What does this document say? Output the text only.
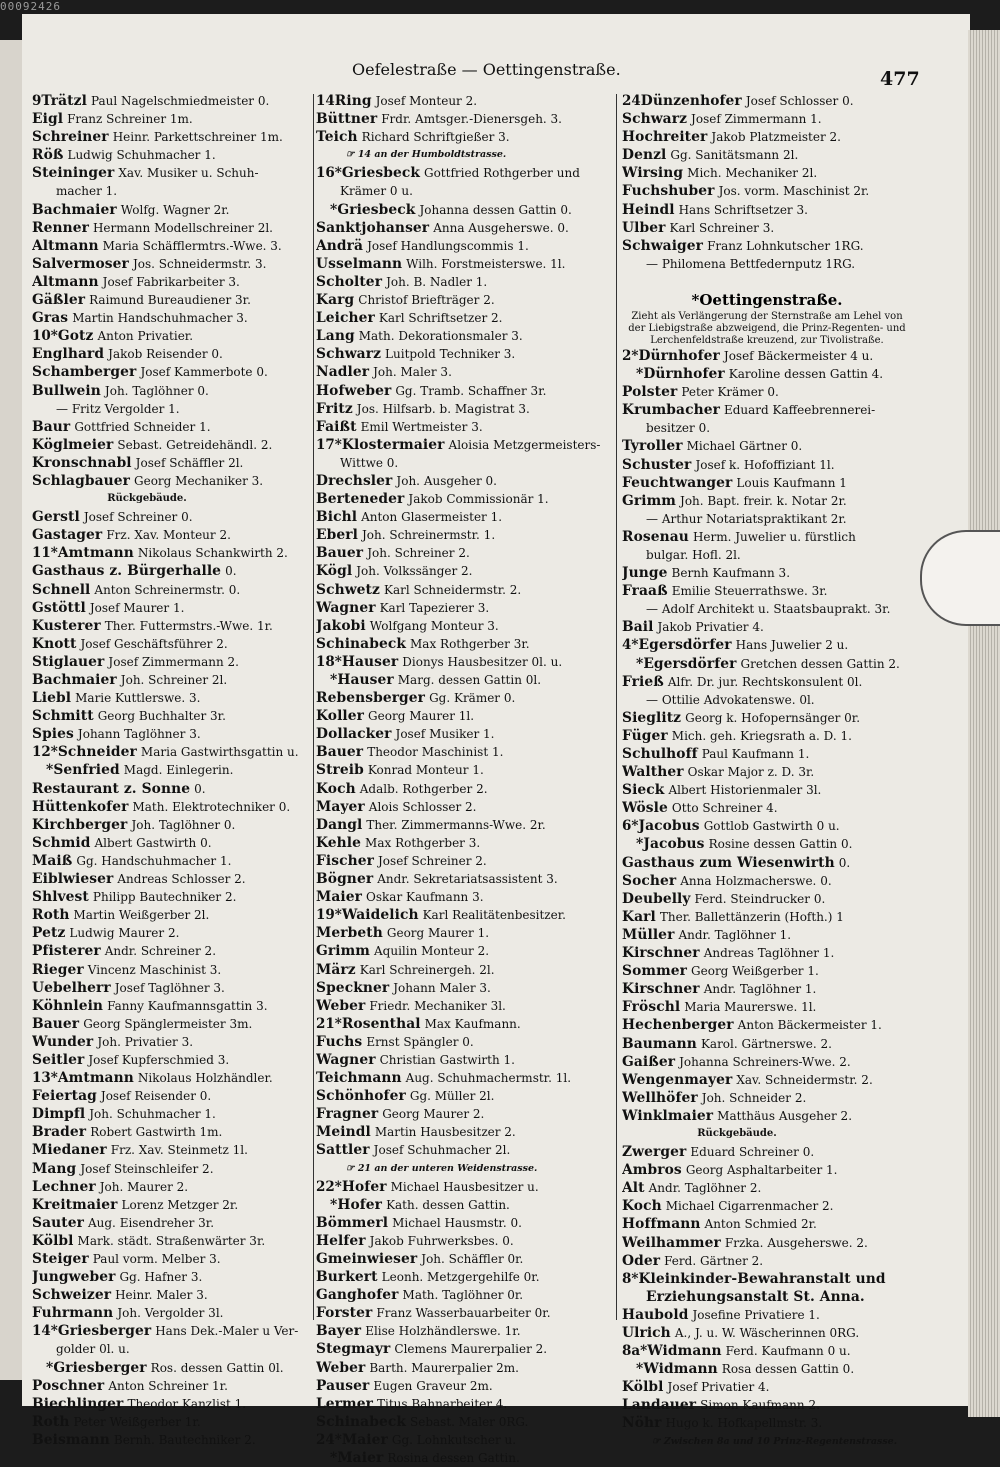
00092426
Oefelestraße — Oettingenstraße.	477
9Trätzl Paul Nagelschmiedmeister 0.
Eigl Franz Schreiner 1m.
Schreiner Heinr. Parkettschreiner 1m.
Röß Ludwig Schuhmacher 1.
Steininger Xav. Musiker u. Schuh-
macher 1.
Bachmaier Wolfg. Wagner 2r.
Renner Hermann Modellschreiner 2l.
Altmann Maria Schäfflermtrs.-Wwe. 3.
Salvermoser Jos. Schneidermstr. 3.
Altmann Josef Fabrikarbeiter 3.
Gäßler Raimund Bureaudiener 3r.
Gras Martin Handschuhmacher 3.
10*Gotz Anton Privatier.
Englhard Jakob Reisender 0.
Schamberger Josef Kammerbote 0.
Bullwein Joh. Taglöhner 0.
— Fritz Vergolder 1.
Baur Gottfried Schneider 1.
Köglmeier Sebast. Getreidehändl. 2.
Kronschnabl Josef Schäffler 2l.
Schlagbauer Georg Mechaniker 3.
Rückgebäude.
Gerstl Josef Schreiner 0.
Gastager Frz. Xav. Monteur 2.
11*Amtmann Nikolaus Schankwirth 2.
Gasthaus z. Bürgerhalle 0.
Schnell Anton Schreinermstr. 0.
Gstöttl Josef Maurer 1.
Kusterer Ther. Futtermstrs.-Wwe. 1r.
Knott Josef Geschäftsführer 2.
Stiglauer Josef Zimmermann 2.
Bachmaier Joh. Schreiner 2l.
Liebl Marie Kuttlerswe. 3.
Schmitt Georg Buchhalter 3r.
Spies Johann Taglöhner 3.
12*Schneider Maria Gastwirthsgattin u.
*Senfried Magd. Einlegerin.
Restaurant z. Sonne 0.
Hüttenkofer Math. Elektrotechniker 0.
Kirchberger Joh. Taglöhner 0.
Schmid Albert Gastwirth 0.
Maiß Gg. Handschuhmacher 1.
Eiblwieser Andreas Schlosser 2.
Shlvest Philipp Bautechniker 2.
Roth Martin Weißgerber 2l.
Petz Ludwig Maurer 2.
Pfisterer Andr. Schreiner 2.
Rieger Vincenz Maschinist 3.
Uebelherr Josef Taglöhner 3.
Köhnlein Fanny Kaufmannsgattin 3.
Bauer Georg Spänglermeister 3m.
Wunder Joh. Privatier 3.
Seitler Josef Kupferschmied 3.
13*Amtmann Nikolaus Holzhändler.
Feiertag Josef Reisender 0.
Dimpfl Joh. Schuhmacher 1.
Brader Robert Gastwirth 1m.
Miedaner Frz. Xav. Steinmetz 1l.
Mang Josef Steinschleifer 2.
Lechner Joh. Maurer 2.
Kreitmaier Lorenz Metzger 2r.
Sauter Aug. Eisendreher 3r.
Kölbl Mark. städt. Straßenwärter 3r.
Steiger Paul vorm. Melber 3.
Jungweber Gg. Hafner 3.
Schweizer Heinr. Maler 3.
Fuhrmann Joh. Vergolder 3l.
14*Griesberger Hans Dek.-Maler u Ver-
golder 0l. u.
*Griesberger Ros. dessen Gattin 0l.
Poschner Anton Schreiner 1r.
Biechlinger Theodor Kanzlist 1.
Roth Peter Weißgerber 1r.
Beismann Bernh. Bautechniker 2.
14Ring Josef Monteur 2.
Büttner Frdr. Amtsger.-Dienersgeh. 3.
Teich Richard Schriftgießer 3.
☞ 14 an der Humboldtstrasse.
16*Griesbeck Gottfried Rothgerber und
Krämer 0 u.
*Griesbeck Johanna dessen Gattin 0.
Sanktjohanser Anna Ausgeherswe. 0.
Andrä Josef Handlungscommis 1.
Usselmann Wilh. Forstmeisterswe. 1l.
Scholter Joh. B. Nadler 1.
Karg Christof Briefträger 2.
Leicher Karl Schriftsetzer 2.
Lang Math. Dekorationsmaler 3.
Schwarz Luitpold Techniker 3.
Nadler Joh. Maler 3.
Hofweber Gg. Tramb. Schaffner 3r.
Fritz Jos. Hilfsarb. b. Magistrat 3.
Faißt Emil Wertmeister 3.
17*Klostermaier Aloisia Metzgermeisters-
Wittwe 0.
Drechsler Joh. Ausgeher 0.
Berteneder Jakob Commissionär 1.
Bichl Anton Glasermeister 1.
Eberl Joh. Schreinermstr. 1.
Bauer Joh. Schreiner 2.
Kögl Joh. Volkssänger 2.
Schwetz Karl Schneidermstr. 2.
Wagner Karl Tapezierer 3.
Jakobi Wolfgang Monteur 3.
Schinabeck Max Rothgerber 3r.
18*Hauser Dionys Hausbesitzer 0l. u.
*Hauser Marg. dessen Gattin 0l.
Rebensberger Gg. Krämer 0.
Koller Georg Maurer 1l.
Dollacker Josef Musiker 1.
Bauer Theodor Maschinist 1.
Streib Konrad Monteur 1.
Koch Adalb. Rothgerber 2.
Mayer Alois Schlosser 2.
Dangl Ther. Zimmermanns-Wwe. 2r.
Kehle Max Rothgerber 3.
Fischer Josef Schreiner 2.
Bögner Andr. Sekretariatsassistent 3.
Maier Oskar Kaufmann 3.
19*Waidelich Karl Realitätenbesitzer.
Merbeth Georg Maurer 1.
Grimm Aquilin Monteur 2.
März Karl Schreinergeh. 2l.
Speckner Johann Maler 3.
Weber Friedr. Mechaniker 3l.
21*Rosenthal Max Kaufmann.
Fuchs Ernst Spängler 0.
Wagner Christian Gastwirth 1.
Teichmann Aug. Schuhmachermstr. 1l.
Schönhofer Gg. Müller 2l.
Fragner Georg Maurer 2.
Meindl Martin Hausbesitzer 2.
Sattler Josef Schuhmacher 2l.
☞ 21 an der unteren Weidenstrasse.
22*Hofer Michael Hausbesitzer u.
*Hofer Kath. dessen Gattin.
Bömmerl Michael Hausmstr. 0.
Helfer Jakob Fuhrwerksbes. 0.
Gmeinwieser Joh. Schäffler 0r.
Burkert Leonh. Metzgergehilfe 0r.
Ganghofer Math. Taglöhner 0r.
Forster Franz Wasserbauarbeiter 0r.
Bayer Elise Holzhändlerswe. 1r.
Stegmayr Clemens Maurerpalier 2.
Weber Barth. Maurerpalier 2m.
Pauser Eugen Graveur 2m.
Lermer Titus Bahnarbeiter 4.
Schinabeck Sebast. Maler 0RG.
24*Maier Gg. Lohnkutscher u.
*Maier Rosina dessen Gattin.
24Dünzenhofer Josef Schlosser 0.
Schwarz Josef Zimmermann 1.
Hochreiter Jakob Platzmeister 2.
Denzl Gg. Sanitätsmann 2l.
Wirsing Mich. Mechaniker 2l.
Fuchshuber Jos. vorm. Maschinist 2r.
Heindl Hans Schriftsetzer 3.
Ulber Karl Schreiner 3.
Schwaiger Franz Lohnkutscher 1RG.
— Philomena Bettfedernputz 1RG.
*Oettingenstraße.
Zieht als Verlängerung der Sternstraße am Lehel von der Liebigstraße abzweigend, die Prinz-Regenten- und Lerchenfeldstraße kreuzend, zur Tivolistraße.
2*Dürnhofer Josef Bäckermeister 4 u.
*Dürnhofer Karoline dessen Gattin 4.
Polster Peter Krämer 0.
Krumbacher Eduard Kaffeebrennerei-
besitzer 0.
Tyroller Michael Gärtner 0.
Schuster Josef k. Hofoffiziant 1l.
Feuchtwanger Louis Kaufmann 1
Grimm Joh. Bapt. freir. k. Notar 2r.
— Arthur Notariatspraktikant 2r.
Rosenau Herm. Juwelier u. fürstlich
bulgar. Hofl. 2l.
Junge Bernh Kaufmann 3.
Fraaß Emilie Steuerrathswe. 3r.
— Adolf Architekt u. Staatsbauprakt. 3r.
Bail Jakob Privatier 4.
4*Egersdörfer Hans Juwelier 2 u.
*Egersdörfer Gretchen dessen Gattin 2.
Frieß Alfr. Dr. jur. Rechtskonsulent 0l.
— Ottilie Advokatenswe. 0l.
Sieglitz Georg k. Hofopernsänger 0r.
Füger Mich. geh. Kriegsrath a. D. 1.
Schulhoff Paul Kaufmann 1.
Walther Oskar Major z. D. 3r.
Sieck Albert Historienmaler 3l.
Wösle Otto Schreiner 4.
6*Jacobus Gottlob Gastwirth 0 u.
*Jacobus Rosine dessen Gattin 0.
Gasthaus zum Wiesenwirth 0.
Socher Anna Holzmacherswe. 0.
Deubelly Ferd. Steindrucker 0.
Karl Ther. Ballettänzerin (Hofth.) 1
Müller Andr. Taglöhner 1.
Kirschner Andreas Taglöhner 1.
Sommer Georg Weißgerber 1.
Kirschner Andr. Taglöhner 1.
Fröschl Maria Maurerswe. 1l.
Hechenberger Anton Bäckermeister 1.
Baumann Karol. Gärtnerswe. 2.
Gaißer Johanna Schreiners-Wwe. 2.
Wengenmayer Xav. Schneidermstr. 2.
Wellhöfer Joh. Schneider 2.
Winklmaier Matthäus Ausgeher 2.
Rückgebäude.
Zwerger Eduard Schreiner 0.
Ambros Georg Asphaltarbeiter 1.
Alt Andr. Taglöhner 2.
Koch Michael Cigarrenmacher 2.
Hoffmann Anton Schmied 2r.
Weilhammer Frzka. Ausgeherswe. 2.
Oder Ferd. Gärtner 2.
8*Kleinkinder-Bewahranstalt und
Erziehungsanstalt St. Anna.
Haubold Josefine Privatiere 1.
Ulrich A., J. u. W. Wäscherinnen 0RG.
8a*Widmann Ferd. Kaufmann 0 u.
*Widmann Rosa dessen Gattin 0.
Kölbl Josef Privatier 4.
Landauer Simon Kaufmann 2.
Nöhr Hugo k. Hofkapellmstr. 3.
☞ Zwischen 8a und 10 Prinz-Regentenstrasse.
